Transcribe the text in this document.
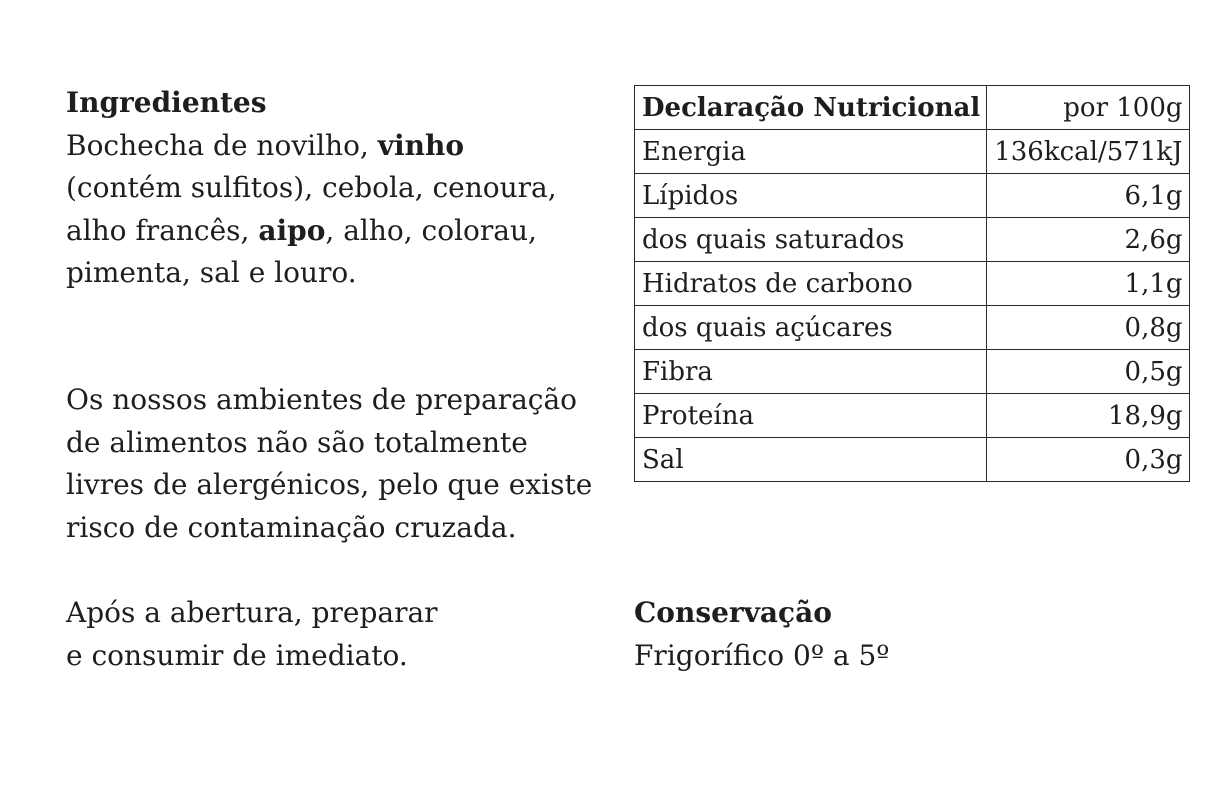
Ingredientes
Bochecha de novilho, vinho
(contém sulfitos), cebola, cenoura,
alho francês, aipo, alho, colorau,
pimenta, sal e louro.
Os nossos ambientes de preparação
de alimentos não são totalmente
livres de alergénicos, pelo que existe
risco de contaminação cruzada.
Após a abertura, preparar
e consumir de imediato.
Conservação
Frigorífico 0º a 5º
Declaração Nutricional	por 100g
Energia	136kcal/571kJ
Lípidos	6,1g
dos quais saturados	2,6g
Hidratos de carbono	1,1g
dos quais açúcares	0,8g
Fibra	0,5g
Proteína	18,9g
Sal	0,3g
